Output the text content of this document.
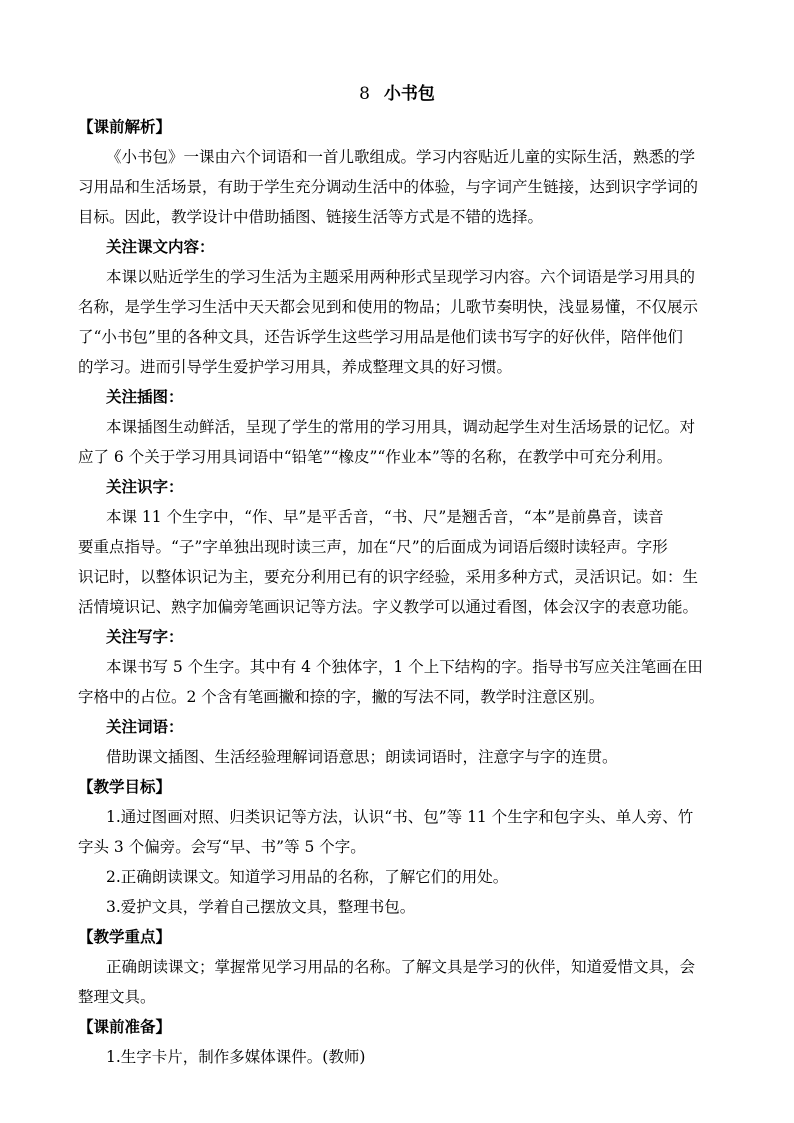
8 小书包
【课前解析】
《小书包》一课由六个词语和一首儿歌组成。学习内容贴近儿童的实际生活，熟悉的学
习用品和生活场景，有助于学生充分调动生活中的体验，与字词产生链接，达到识字学词的
目标。因此，教学设计中借助插图、链接生活等方式是不错的选择。
关注课文内容：
本课以贴近学生的学习生活为主题采用两种形式呈现学习内容。六个词语是学习用具的
名称，是学生学习生活中天天都会见到和使用的物品；儿歌节奏明快，浅显易懂，不仅展示
了“小书包”里的各种文具，还告诉学生这些学习用品是他们读书写字的好伙伴，陪伴他们
的学习。进而引导学生爱护学习用具，养成整理文具的好习惯。
关注插图：
本课插图生动鲜活，呈现了学生的常用的学习用具，调动起学生对生活场景的记忆。对
应了 6 个关于学习用具词语中“铅笔”“橡皮”“作业本”等的名称，在教学中可充分利用。
关注识字：
本课 11 个生字中，“作、早”是平舌音，“书、尺”是翘舌音，“本”是前鼻音，读音
要重点指导。“子”字单独出现时读三声，加在“尺”的后面成为词语后缀时读轻声。字形
识记时，以整体识记为主，要充分利用已有的识字经验，采用多种方式，灵活识记。如：生
活情境识记、熟字加偏旁笔画识记等方法。字义教学可以通过看图，体会汉字的表意功能。
关注写字：
本课书写 5 个生字。其中有 4 个独体字，1 个上下结构的字。指导书写应关注笔画在田
字格中的占位。2 个含有笔画撇和捺的字，撇的写法不同，教学时注意区别。
关注词语：
借助课文插图、生活经验理解词语意思；朗读词语时，注意字与字的连贯。
【教学目标】
1.通过图画对照、归类识记等方法，认识“书、包”等 11 个生字和包字头、单人旁、竹
字头 3 个偏旁。会写“早、书”等 5 个字。
2.正确朗读课文。知道学习用品的名称，了解它们的用处。
3.爱护文具，学着自己摆放文具，整理书包。
【教学重点】
正确朗读课文；掌握常见学习用品的名称。了解文具是学习的伙伴，知道爱惜文具，会
整理文具。
【课前准备】
1.生字卡片，制作多媒体课件。(教师)
